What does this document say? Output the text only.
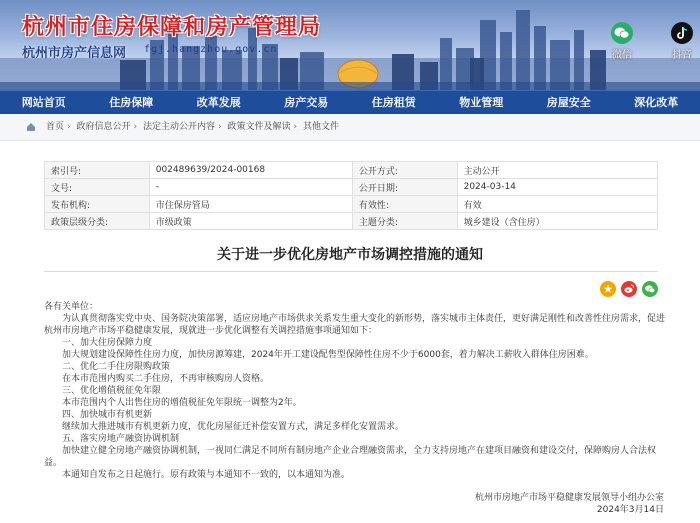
杭州市住房保障和房产管理局
杭州市房产信息网 fgj.hangzhou.gov.cn
微信	抖音
网站首页	住房保障	改革发展	房产交易	住房租赁	物业管理	房屋安全	深化改革
首页 › 政府信息公开 › 法定主动公开内容 › 政策文件及解读 › 其他文件
索引号:	002489639/2024-00168	公开方式:	主动公开
文号:	-	公开日期:	2024-03-14
发布机构:	市住保房管局	有效性:	有效
政策层级分类:	市级政策	主题分类:	城乡建设（含住房）
关于进一步优化房地产市场调控措施的通知

各有关单位：

为认真贯彻落实党中央、国务院决策部署，适应房地产市场供求关系发生重大变化的新形势，落实城市主体责任，更好满足刚性和改善性住房需求，促进杭州市房地产市场平稳健康发展，现就进一步优化调整有关调控措施事项通知如下：

一、加大住房保障力度

加大规划建设保障性住房力度，加快房源筹建，2024年开工建设配售型保障性住房不少于6000套，着力解决工薪收入群体住房困难。

二、优化二手住房限购政策

在本市范围内购买二手住房，不再审核购房人资格。

三、优化增值税征免年限

本市范围内个人出售住房的增值税征免年限统一调整为2年。

四、加快城市有机更新

继续加大推进城市有机更新力度，优化房屋征迁补偿安置方式，满足多样化安置需求。

五、落实房地产融资协调机制

加快建立健全房地产融资协调机制，一视同仁满足不同所有制房地产企业合理融资需求，全力支持房地产在建项目融资和建设交付，保障购房人合法权益。

本通知自发布之日起施行。原有政策与本通知不一致的，以本通知为准。

杭州市房地产市场平稳健康发展领导小组办公室
2024年3月14日
